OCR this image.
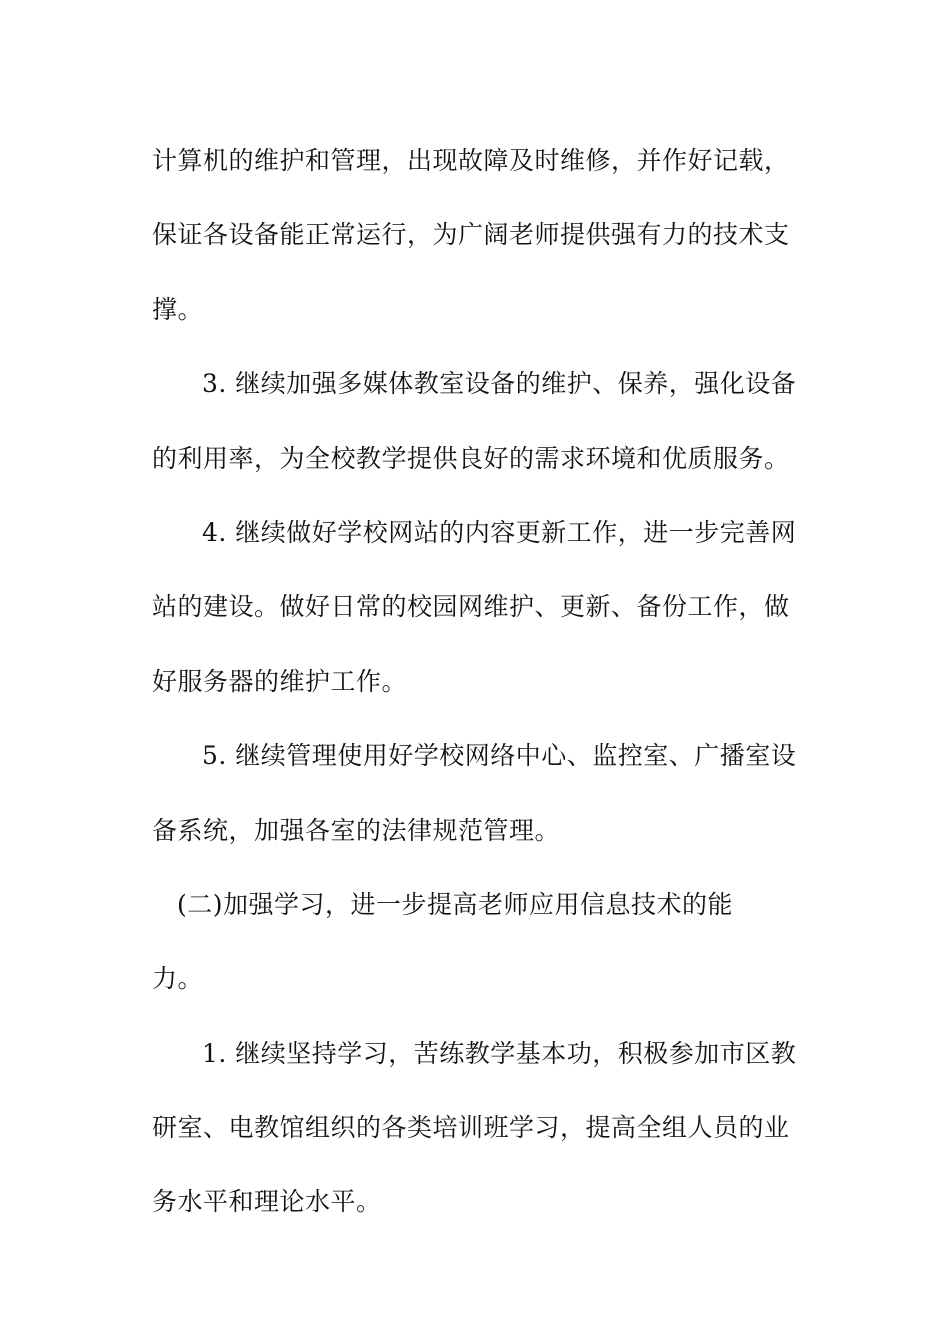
计算机的维护和管理，出现故障及时维修，并作好记载，
保证各设备能正常运行，为广阔老师提供强有力的技术支
撑。
3. 继续加强多媒体教室设备的维护、保养，强化设备
的利用率，为全校教学提供良好的需求环境和优质服务。
4. 继续做好学校网站的内容更新工作，进一步完善网
站的建设。做好日常的校园网维护、更新、备份工作，做
好服务器的维护工作。
5. 继续管理使用好学校网络中心、监控室、广播室设
备系统，加强各室的法律规范管理。
(二)加强学习，进一步提高老师应用信息技术的能
力。
1. 继续坚持学习，苦练教学基本功，积极参加市区教
研室、电教馆组织的各类培训班学习，提高全组人员的业
务水平和理论水平。
